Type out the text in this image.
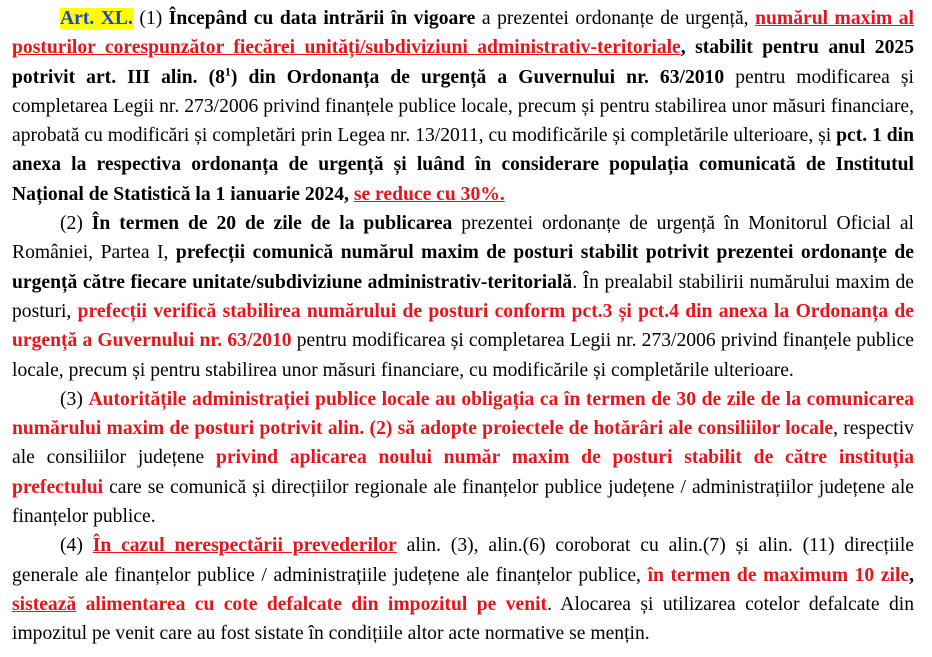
Art. XL. (1) Începând cu data intrării în vigoare a prezentei ordonanțe de urgență, numărul maxim al posturilor corespunzător fiecărei unități/subdiviziuni administrativ-teritoriale, stabilit pentru anul 2025 potrivit art. III alin. $(8^1)$ din Ordonanța de urgență a Guvernului nr. 63/2010 pentru modificarea și completarea Legii nr. 273/2006 privind finanțele publice locale, precum și pentru stabilirea unor măsuri financiare, aprobată cu modificări și completări prin Legea nr. 13/2011, cu modificările și completările ulterioare, și pct. 1 din anexa la respectiva ordonanța de urgență și luând în considerare populația comunicată de Institutul Național de Statistică la 1 ianuarie 2024, se reduce cu 30%.

(2) În termen de 20 de zile de la publicarea prezentei ordonanțe de urgență în Monitorul Oficial al României, Partea I, prefecții comunică numărul maxim de posturi stabilit potrivit prezentei ordonanțe de urgență către fiecare unitate/subdiviziune administrativ-teritorială. În prealabil stabilirii numărului maxim de posturi, prefecții verifică stabilirea numărului de posturi conform pct.3 și pct.4 din anexa la Ordonanța de urgență a Guvernului nr. 63/2010 pentru modificarea și completarea Legii nr. 273/2006 privind finanțele publice locale, precum și pentru stabilirea unor măsuri financiare, cu modificările și completările ulterioare.

(3) Autoritățile administrației publice locale au obligația ca în termen de 30 de zile de la comunicarea numărului maxim de posturi potrivit alin. (2) să adopte proiectele de hotărâri ale consiliilor locale, respectiv ale consiliilor județene privind aplicarea noului număr maxim de posturi stabilit de către instituția prefectului care se comunică și direcțiilor regionale ale finanțelor publice județene / administrațiilor județene ale finanțelor publice.

(4) În cazul nerespectării prevederilor alin. (3), alin.(6) coroborat cu alin.(7) și alin. (11) direcțiile generale ale finanțelor publice / administrațiile județene ale finanțelor publice, în termen de maximum 10 zile, sistează alimentarea cu cote defalcate din impozitul pe venit. Alocarea și utilizarea cotelor defalcate din impozitul pe venit care au fost sistate în condițiile altor acte normative se mențin.
